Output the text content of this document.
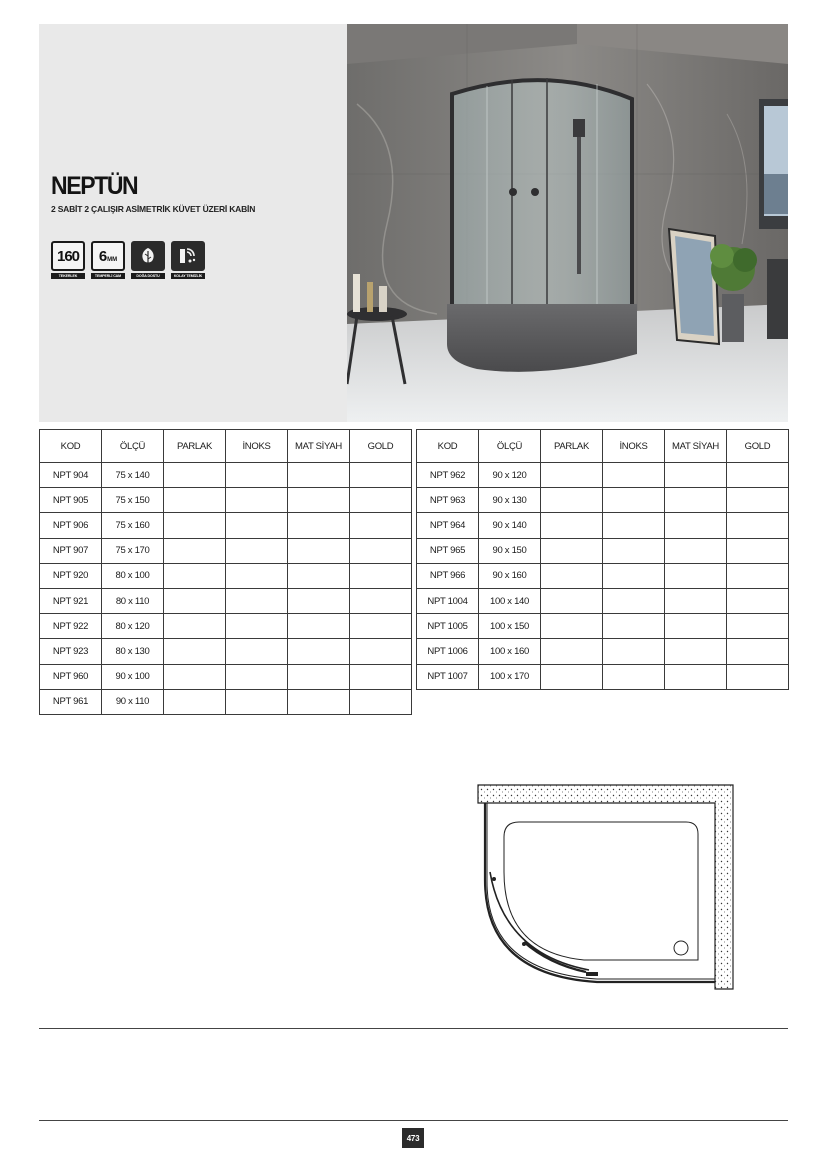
NEPTÜN
2 SABİT 2 ÇALIŞIR ASİMETRİK KÜVET ÜZERİ KABİN
160
TEKERLEK
6MM
TEMPERLİ CAM	DOĞA DOSTU	KOLAY TEMİZLİK
KOD	ÖLÇÜ	PARLAK	İNOKS	MAT SİYAH	GOLD
NPT 904	75 x 140				
NPT 905	75 x 150				
NPT 906	75 x 160				
NPT 907	75 x 170				
NPT 920	80 x 100				
NPT 921	80 x 110				
NPT 922	80 x 120				
NPT 923	80 x 130				
NPT 960	90 x 100				
NPT 961	90 x 110				
KOD	ÖLÇÜ	PARLAK	İNOKS	MAT SİYAH	GOLD
NPT 962	90 x 120				
NPT 963	90 x 130				
NPT 964	90 x 140				
NPT 965	90 x 150				
NPT 966	90 x 160				
NPT 1004	100 x 140				
NPT 1005	100 x 150				
NPT 1006	100 x 160				
NPT 1007	100 x 170				
473
